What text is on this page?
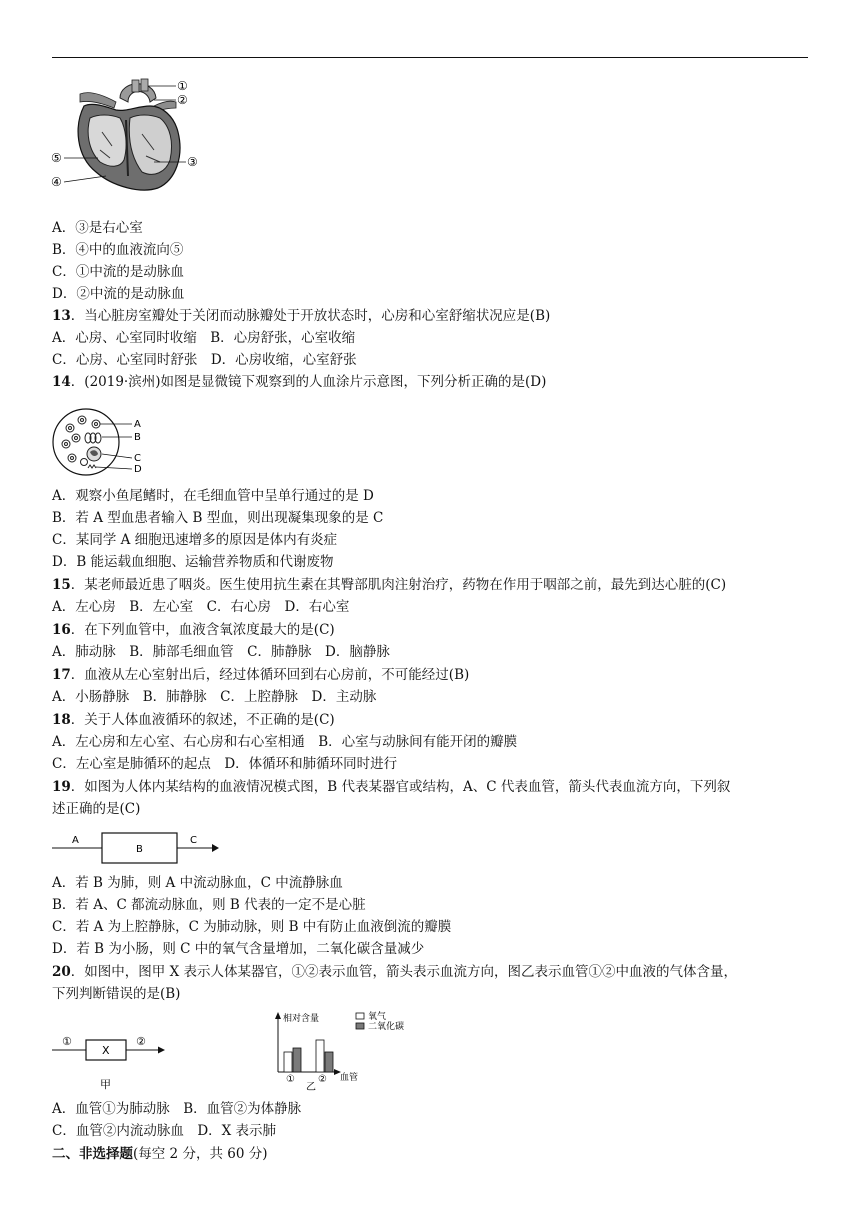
①
②
③
④
⑤
A．③是右心室
B．④中的血液流向⑤
C．①中流的是动脉血
D．②中流的是动脉血
13．当心脏房室瓣处于关闭而动脉瓣处于开放状态时，心房和心室舒缩状况应是(B)
A．心房、心室同时收缩　B．心房舒张，心室收缩
C．心房、心室同时舒张　D．心房收缩，心室舒张
14．(2019·滨州)如图是显微镜下观察到的人血涂片示意图，下列分析正确的是(D)
A
B
C
D
A．观察小鱼尾鳍时，在毛细血管中呈单行通过的是 D
B．若 A 型血患者输入 B 型血，则出现凝集现象的是 C
C．某同学 A 细胞迅速增多的原因是体内有炎症
D．B 能运载血细胞、运输营养物质和代谢废物
15．某老师最近患了咽炎。医生使用抗生素在其臀部肌肉注射治疗，药物在作用于咽部之前，最先到达心脏的(C)
A．左心房　B．左心室　C．右心房　D．右心室
16．在下列血管中，血液含氧浓度最大的是(C)
A．肺动脉　B．肺部毛细血管　C．肺静脉　D．脑静脉
17．血液从左心室射出后，经过体循环回到右心房前，不可能经过(B)
A．小肠静脉　B．肺静脉　C．上腔静脉　D．主动脉
18．关于人体血液循环的叙述，不正确的是(C)
A．左心房和左心室、右心房和右心室相通　B．心室与动脉间有能开闭的瓣膜
C．左心室是肺循环的起点　D．体循环和肺循环同时进行
19．如图为人体内某结构的血液情况模式图，B 代表某器官或结构，A、C 代表血管，箭头代表血流方向，下列叙
述正确的是(C)
A
B
C
A．若 B 为肺，则 A 中流动脉血，C 中流静脉血
B．若 A、C 都流动脉血，则 B 代表的一定不是心脏
C．若 A 为上腔静脉，C 为肺动脉，则 B 中有防止血液倒流的瓣膜
D．若 B 为小肠，则 C 中的氧气含量增加，二氧化碳含量减少
20．如图中，图甲 X 表示人体某器官，①②表示血管，箭头表示血流方向，图乙表示血管①②中血液的气体含量，
下列判断错误的是(B)
①
X
②
甲
相对含量
血管
乙
氧气
二氧化碳
① ②
A．血管①为肺动脉　B．血管②为体静脉
C．血管②内流动脉血　D．X 表示肺
二、非选择题(每空 2 分，共 60 分)
